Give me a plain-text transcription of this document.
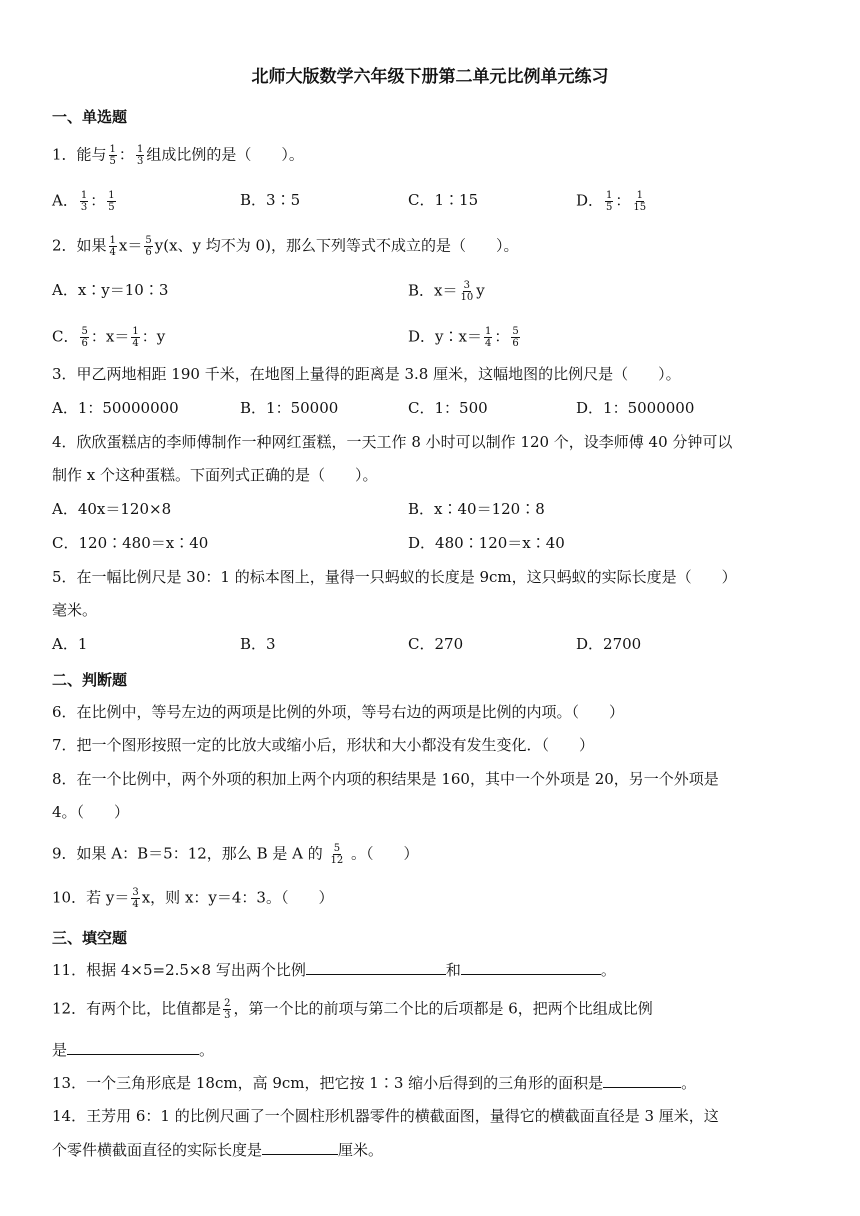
北师大版数学六年级下册第二单元比例单元练习
一、单选题
1．能与 $\frac{1}{5}$ ： $\frac{1}{3}$ 组成比例的是（　　）。
A． $\frac{1}{3}$ ： $\frac{1}{5}$	B．3∶5	C．1∶15	D． $\frac{1}{5}$ ： $\frac{1}{15}$
2．如果 $\frac{1}{4} x= \frac{5}{6} y(x$、y 均不为 0)，那么下列等式不成立的是（　　）。
A．x∶y＝10∶3	B．$x= \frac{3}{10}$ y
C． $\frac{5}{6}$ ：$x= \frac{1}{4}$ ：y	D．y∶x＝ $\frac{1}{4}$ ： $\frac{5}{6}$
3．甲乙两地相距 190 千米，在地图上量得的距离是 3.8 厘米，这幅地图的比例尺是（　　）。
A．1：50000000	B．1：50000	C．1：500	D．1：5000000
4．欣欣蛋糕店的李师傅制作一种网红蛋糕，一天工作 8 小时可以制作 120 个，设李师傅 40 分钟可以
制作 x 个这种蛋糕。下面列式正确的是（　　）。
A．40x＝120×8	B．x∶40＝120∶8
C．120∶480＝x∶40	D．480∶120＝x∶40
5．在一幅比例尺是 30：1 的标本图上，量得一只蚂蚁的长度是 9cm，这只蚂蚁的实际长度是（　　）
毫米。
A．1	B．3	C．270	D．2700
二、判断题
6．在比例中，等号左边的两项是比例的外项，等号右边的两项是比例的内项。（　　）
7．把一个图形按照一定的比放大或缩小后，形状和大小都没有发生变化．（　　）
8．在一个比例中，两个外项的积加上两个内项的积结果是 160，其中一个外项是 20，另一个外项是
4。（　　）
9．如果 A：B＝5：12，那么 B 是 A 的 $\frac{5}{12}$ 。（　　）
10．若 $y= \frac{3}{4}$ x，则 x：y＝4：3。（　　）
三、填空题
11．根据 4×5=2.5×8 写出两个比例	和	。
12．有两个比，比值都是 $\frac{2}{3}$ ，第一个比的前项与第二个比的后项都是 6，把两个比组成比例
是	。
13．一个三角形底是 18cm，高 9cm，把它按 1∶3 缩小后得到的三角形的面积是	。
14．王芳用 6：1 的比例尺画了一个圆柱形机器零件的横截面图，量得它的横截面直径是 3 厘米，这
个零件横截面直径的实际长度是	厘米。
